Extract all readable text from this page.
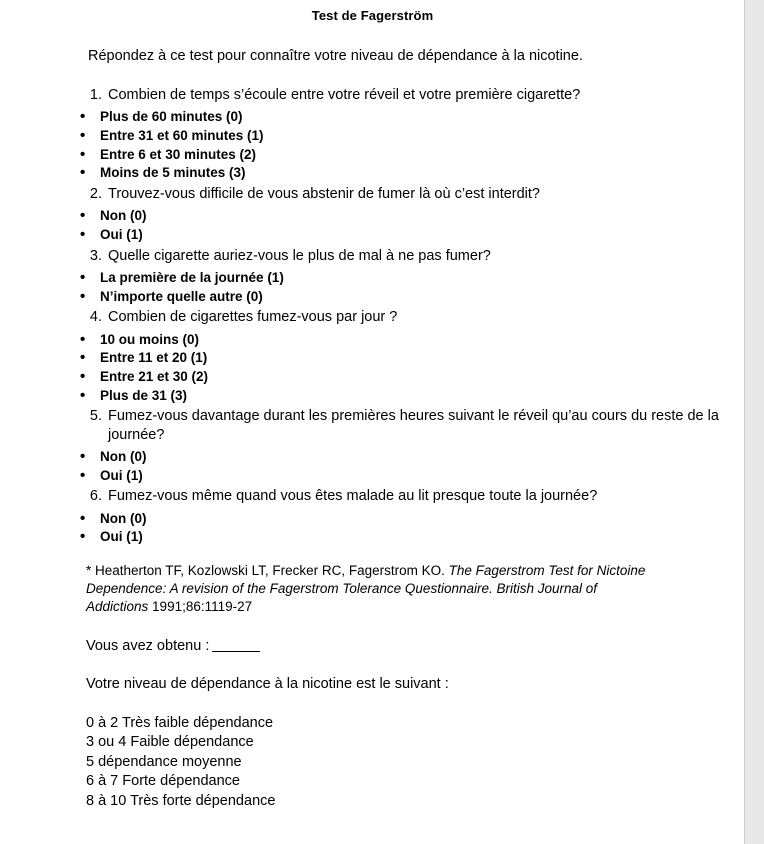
Test de Fagerström
Répondez à ce test pour connaître votre niveau de dépendance à la nicotine.
1. Combien de temps s’écoule entre votre réveil et votre première cigarette?
• Plus de 60 minutes (0)
• Entre 31 et 60 minutes (1)
• Entre 6 et 30 minutes (2)
• Moins de 5 minutes (3)
2. Trouvez-vous difficile de vous abstenir de fumer là où c’est interdit?
• Non (0)
• Oui (1)
3. Quelle cigarette auriez-vous le plus de mal à ne pas fumer?
• La première de la journée (1)
• N’importe quelle autre (0)
4. Combien de cigarettes fumez-vous par jour ?
• 10 ou moins (0)
• Entre 11 et 20 (1)
• Entre 21 et 30 (2)
• Plus de 31 (3)
5. Fumez-vous davantage durant les premières heures suivant le réveil qu’au cours du reste de la journée?
• Non (0)
• Oui (1)
6. Fumez-vous même quand vous êtes malade au lit presque toute la journée?
• Non (0)
• Oui (1)
* Heatherton TF, Kozlowski LT, Frecker RC, Fagerstrom KO. The Fagerstrom Test for Nictoine Dependence: A revision of the Fagerstrom Tolerance Questionnaire. British Journal of Addictions 1991;86:1119-27
Vous avez obtenu :
Votre niveau de dépendance à la nicotine est le suivant :
0 à 2 Très faible dépendance
3 ou 4 Faible dépendance
5 dépendance moyenne
6 à 7 Forte dépendance
8 à 10 Très forte dépendance
